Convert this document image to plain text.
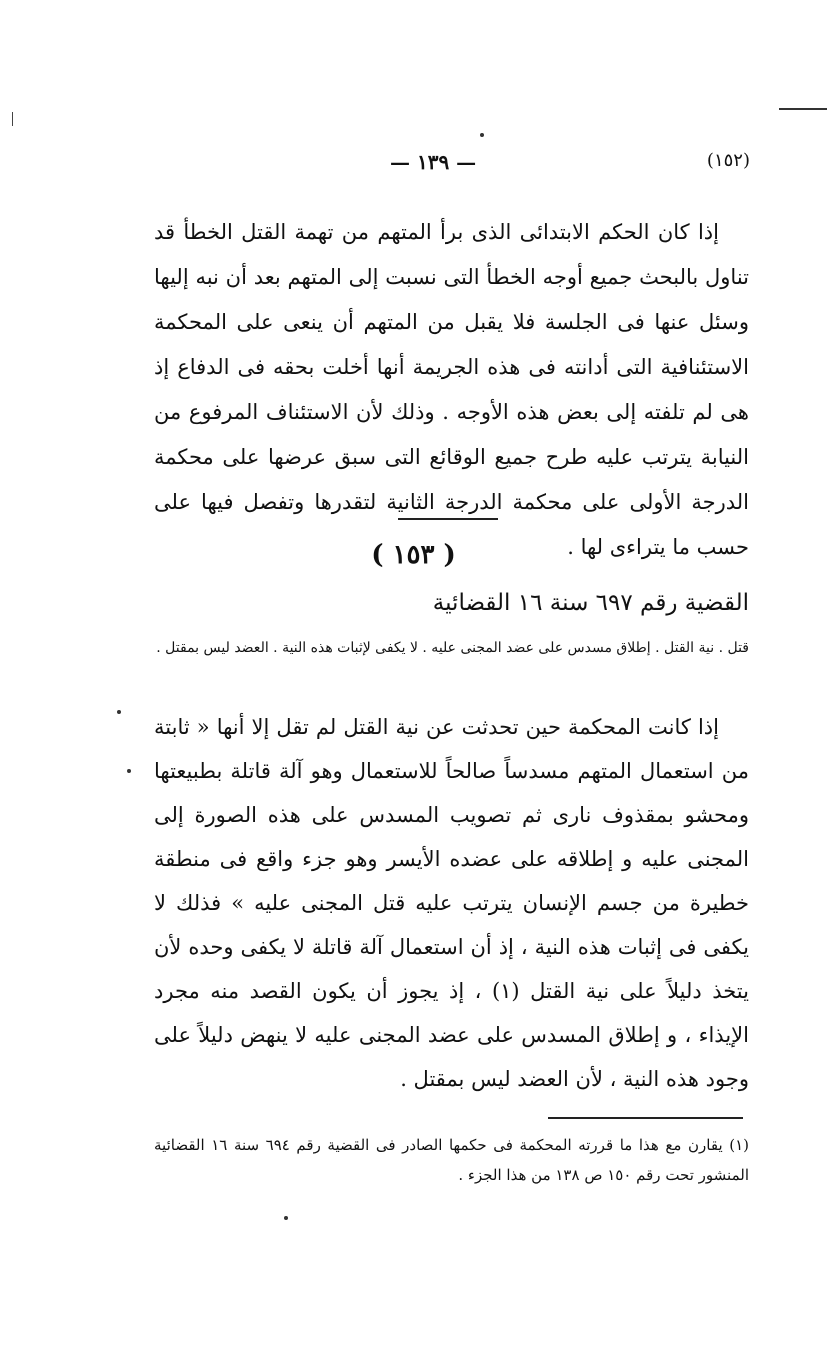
(١٥٢)
— ١٣٩ —

إذا كان الحكم الابتدائى الذى برأ المتهم من تهمة القتل الخطأ قد تناول بالبحث جميع أوجه الخطأ التى نسبت إلى المتهم بعد أن نبه إليها وسئل عنها فى الجلسة فلا يقبل من المتهم أن ينعى على المحكمة الاستئنافية التى أدانته فى هذه الجريمة أنها أخلت بحقه فى الدفاع إذ هى لم تلفته إلى بعض هذه الأوجه . وذلك لأن الاستئناف المرفوع من النيابة يترتب عليه طرح جميع الوقائع التى سبق عرضها على محكمة الدرجة الأولى على محكمة الدرجة الثانية لتقدرها وتفصل فيها على حسب ما يتراءى لها .

( ١٥٣ )
القضية رقم ٦٩٧ سنة ١٦ القضائية
قتل . نية القتل . إطلاق مسدس على عضد المجنى عليه . لا يكفى لإثبات هذه النية . العضد ليس بمقتل .

إذا كانت المحكمة حين تحدثت عن نية القتل لم تقل إلا أنها « ثابتة من استعمال المتهم مسدساً صالحاً للاستعمال وهو آلة قاتلة بطبيعتها ومحشو بمقذوف نارى ثم تصويب المسدس على هذه الصورة إلى المجنى عليه و إطلاقه على عضده الأيسر وهو جزء واقع فى منطقة خطيرة من جسم الإنسان يترتب عليه قتل المجنى عليه » فذلك لا يكفى فى إثبات هذه النية ، إذ أن استعمال آلة قاتلة لا يكفى وحده لأن يتخذ دليلاً على نية القتل (١) ، إذ يجوز أن يكون القصد منه مجرد الإيذاء ، و إطلاق المسدس على عضد المجنى عليه لا ينهض دليلاً على وجود هذه النية ، لأن العضد ليس بمقتل .

(١) يقارن مع هذا ما قررته المحكمة فى حكمها الصادر فى القضية رقم ٦٩٤ سنة ١٦ القضائية المنشور تحت رقم ١٥٠ ص ١٣٨ من هذا الجزء .
